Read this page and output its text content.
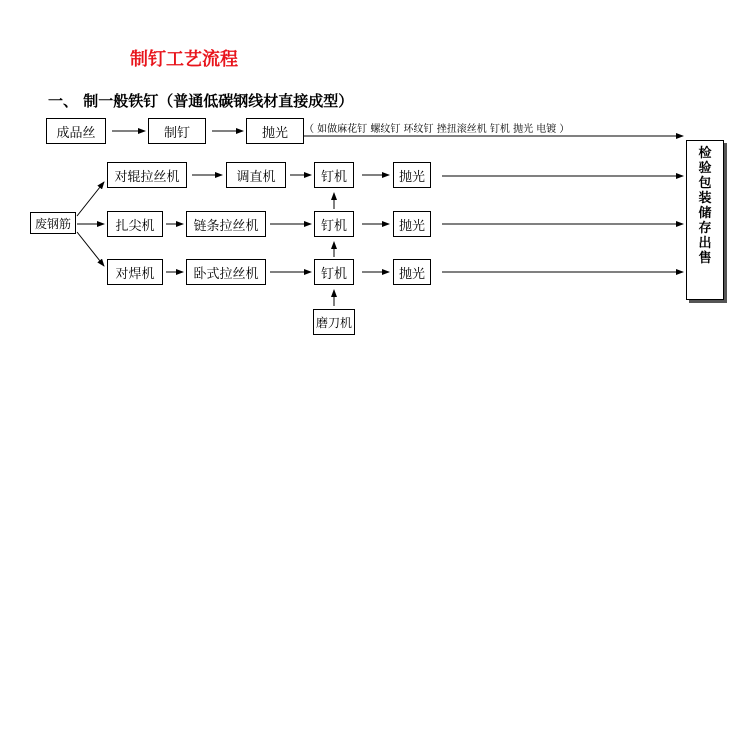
制钉工艺流程
一、 制一般铁钉（普通低碳钢线材直接成型）
成品丝	制钉	抛光	（ 如做麻花钉 螺纹钉 环纹钉 挫扭滚丝机 钉机 抛光 电镀 ）
废钢筋
对辊拉丝机	调直机	钉机	抛光
扎尖机	链条拉丝机	钉机	抛光
对焊机	卧式拉丝机	钉机	抛光
磨刀机
检验包装储存出售
